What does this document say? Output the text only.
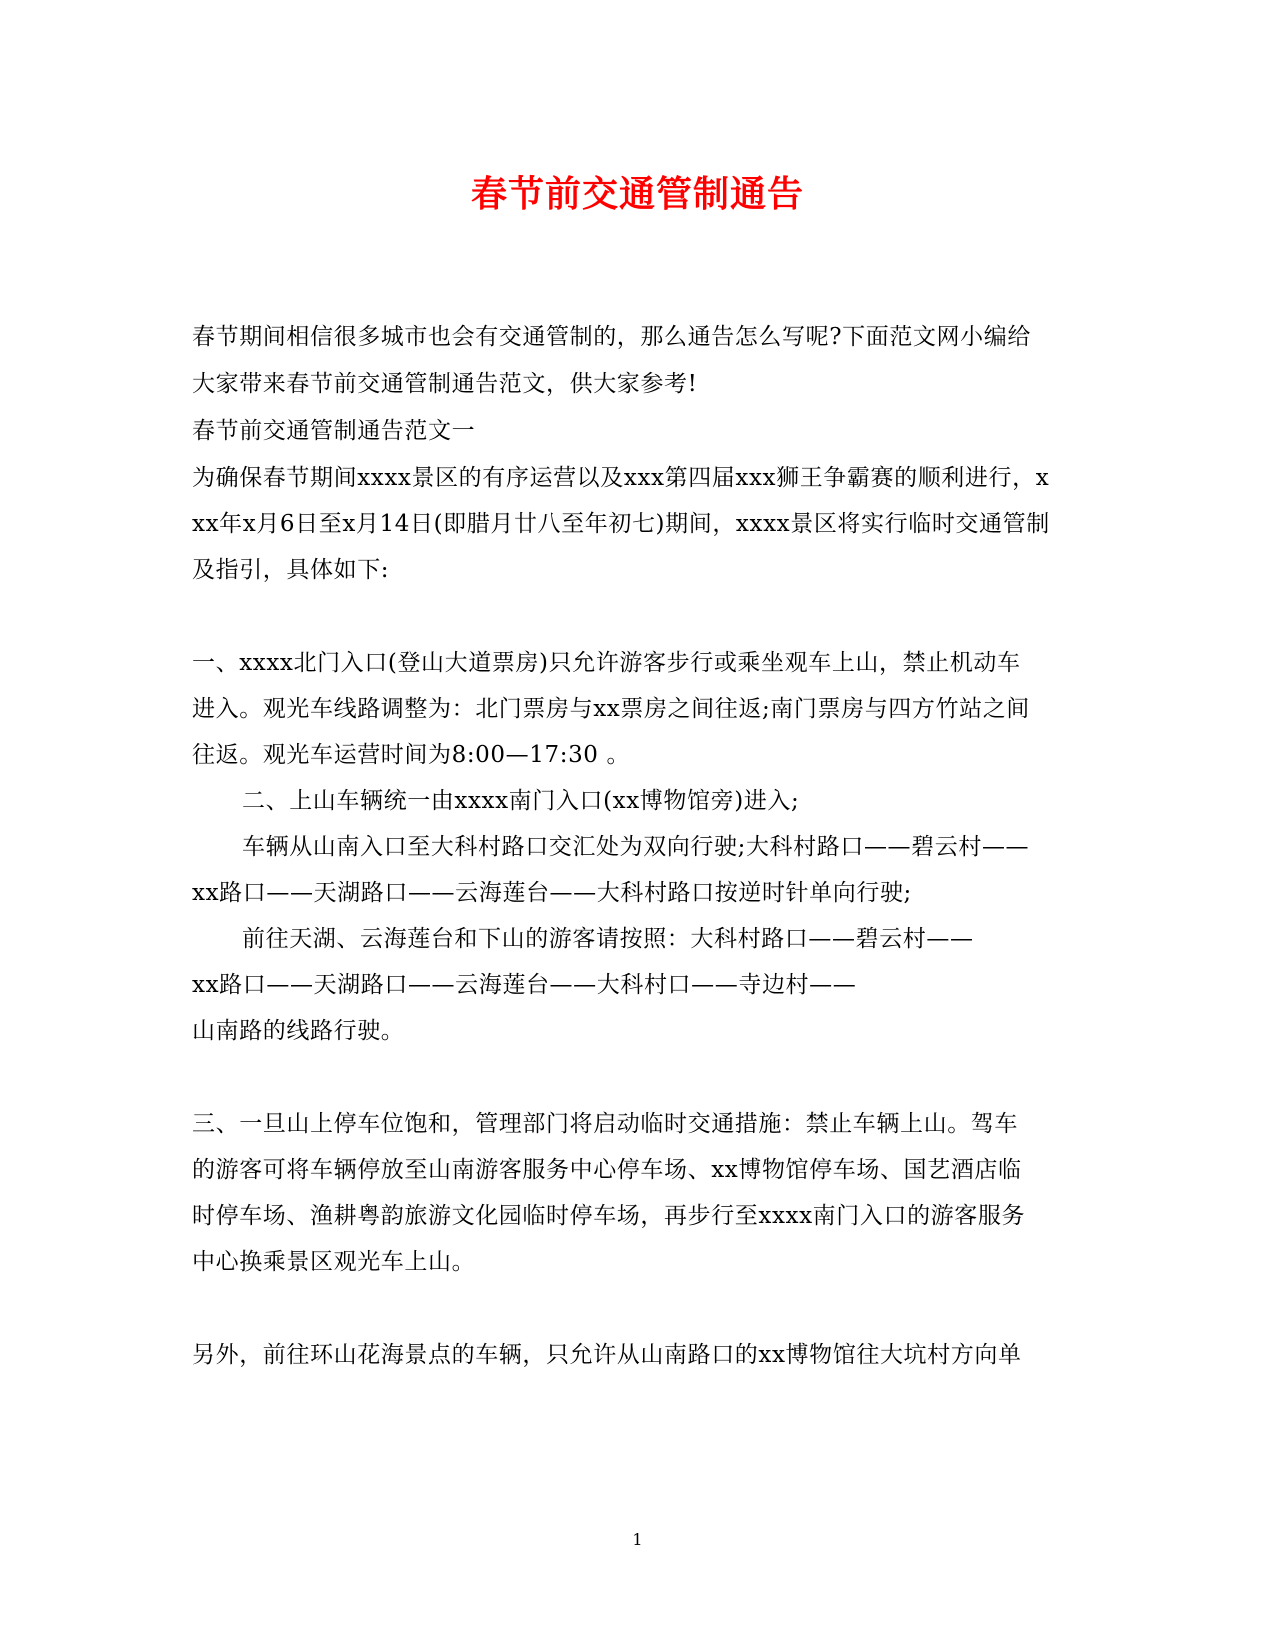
春节前交通管制通告
春节期间相信很多城市也会有交通管制的，那么通告怎么写呢?下面范文网小编给
大家带来春节前交通管制通告范文，供大家参考!
春节前交通管制通告范文一
为确保春节期间xxxx景区的有序运营以及xxx第四届xxx狮王争霸赛的顺利进行，x
xx年x月6日至x月14日(即腊月廿八至年初七)期间，xxxx景区将实行临时交通管制
及指引，具体如下:
一、xxxx北门入口(登山大道票房)只允许游客步行或乘坐观车上山，禁止机动车
进入。观光车线路调整为：北门票房与xx票房之间往返;南门票房与四方竹站之间
往返。观光车运营时间为8:00—17:30 。
二、上山车辆统一由xxxx南门入口(xx博物馆旁)进入;
车辆从山南入口至大科村路口交汇处为双向行驶;大科村路口——碧云村——
xx路口——天湖路口——云海莲台——大科村路口按逆时针单向行驶;
前往天湖、云海莲台和下山的游客请按照：大科村路口——碧云村——
xx路口——天湖路口——云海莲台——大科村口——寺边村——
山南路的线路行驶。
三、一旦山上停车位饱和，管理部门将启动临时交通措施：禁止车辆上山。驾车
的游客可将车辆停放至山南游客服务中心停车场、xx博物馆停车场、国艺酒店临
时停车场、渔耕粤韵旅游文化园临时停车场，再步行至xxxx南门入口的游客服务
中心换乘景区观光车上山。
另外，前往环山花海景点的车辆，只允许从山南路口的xx博物馆往大坑村方向单
1
